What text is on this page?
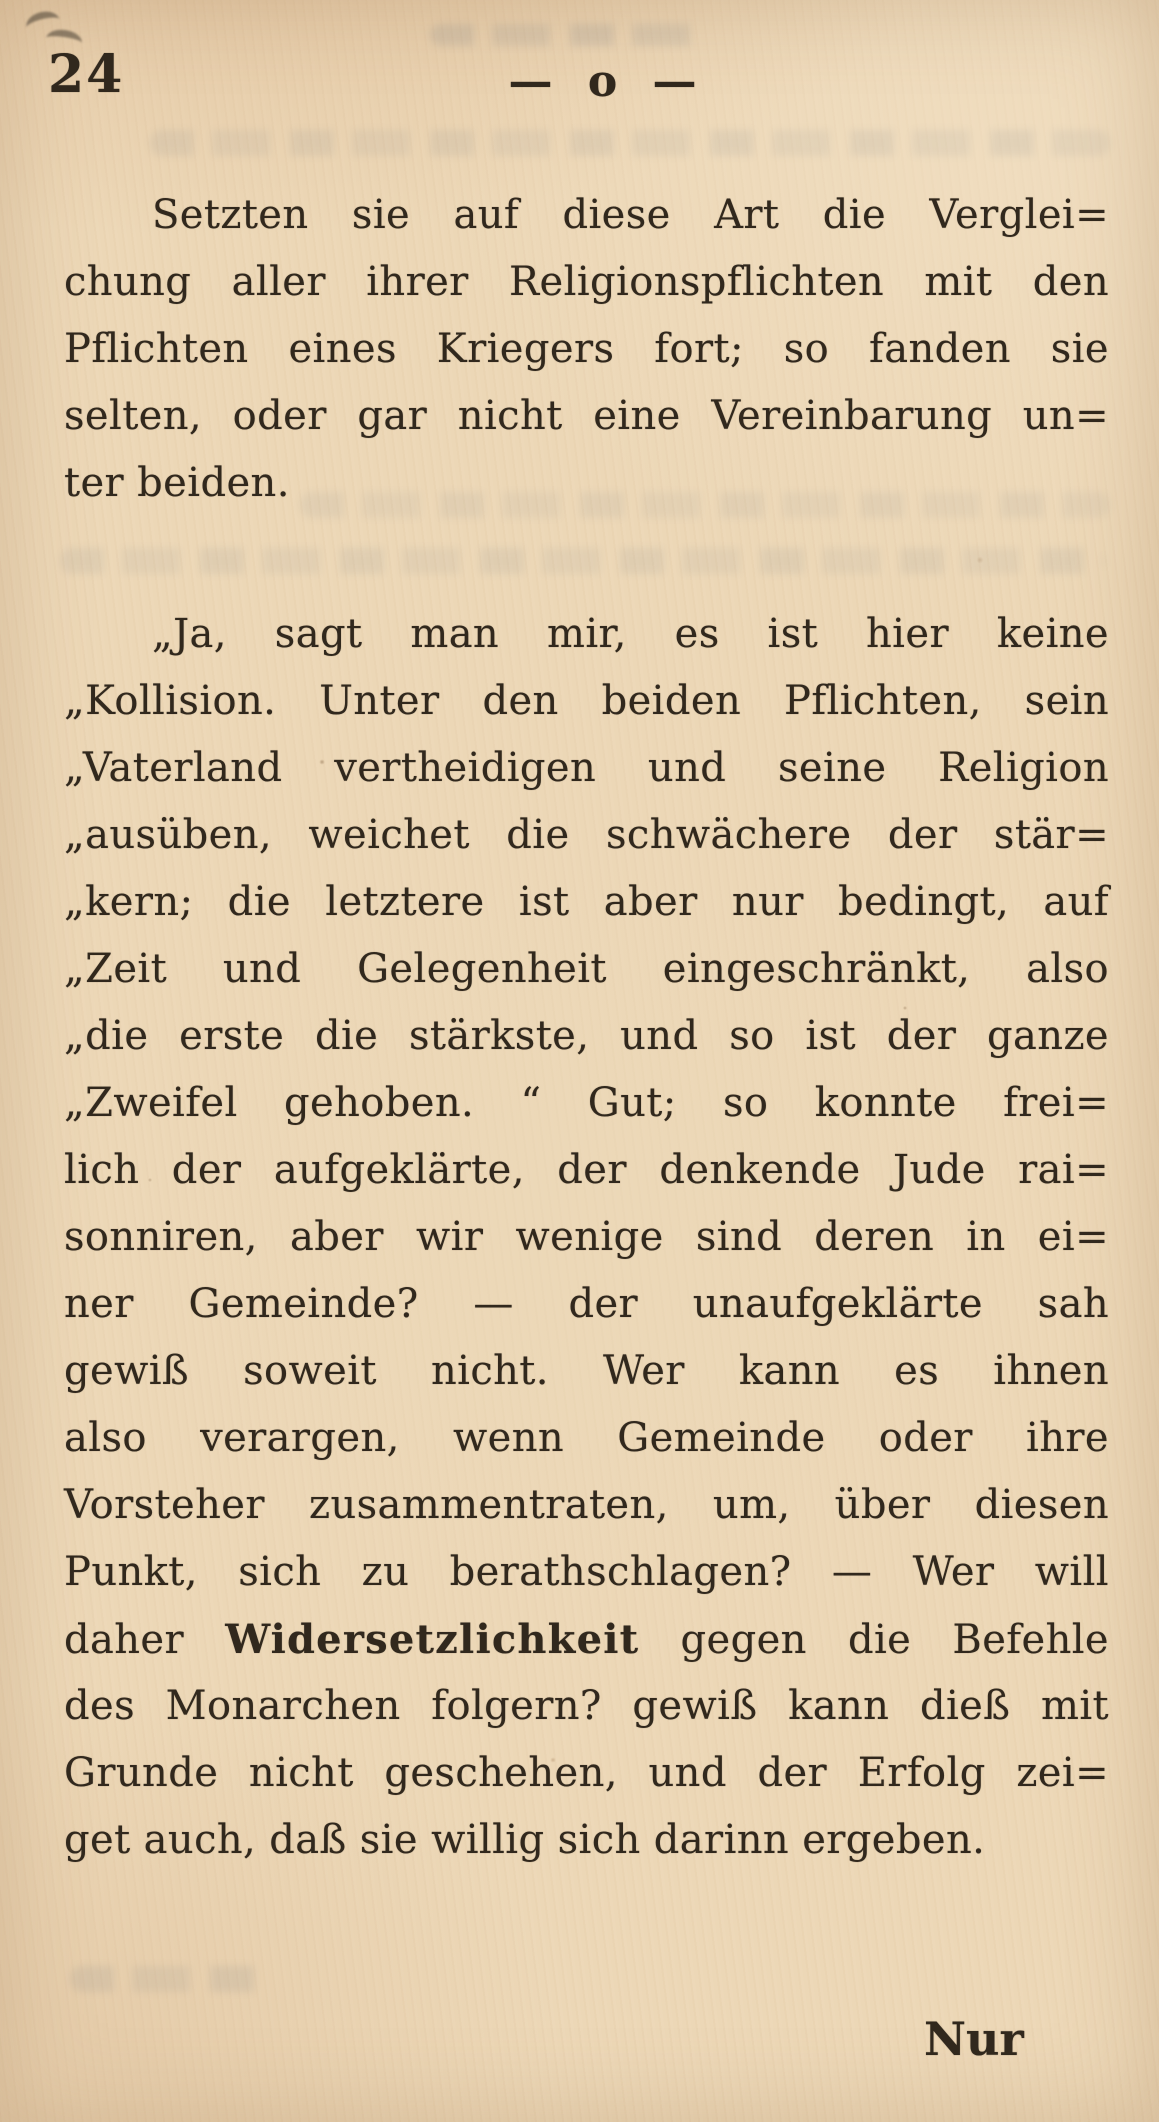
24	— o —
Setzten sie auf diese Art die Verglei=
chung aller ihrer Religionspflichten mit den
Pflichten eines Kriegers fort; so fanden sie
selten, oder gar nicht eine Vereinbarung un=
ter beiden.
„Ja, sagt man mir, es ist hier keine
„Kollision. Unter den beiden Pflichten, sein
„Vaterland vertheidigen und seine Religion
„ausüben, weichet die schwächere der stär=
„kern; die letztere ist aber nur bedingt, auf
„Zeit und Gelegenheit eingeschränkt, also
„die erste die stärkste, und so ist der ganze
„Zweifel gehoben. “ Gut; so konnte frei=
lich der aufgeklärte, der denkende Jude rai=
sonniren, aber wir wenige sind deren in ei=
ner Gemeinde? — der unaufgeklärte sah
gewiß soweit nicht. Wer kann es ihnen
also verargen, wenn Gemeinde oder ihre
Vorsteher zusammentraten, um, über diesen
Punkt, sich zu berathschlagen? — Wer will
daher Widersetzlichkeit gegen die Befehle
des Monarchen folgern? gewiß kann dieß mit
Grunde nicht geschehen, und der Erfolg zei=
get auch, daß sie willig sich darinn ergeben.
Nur
